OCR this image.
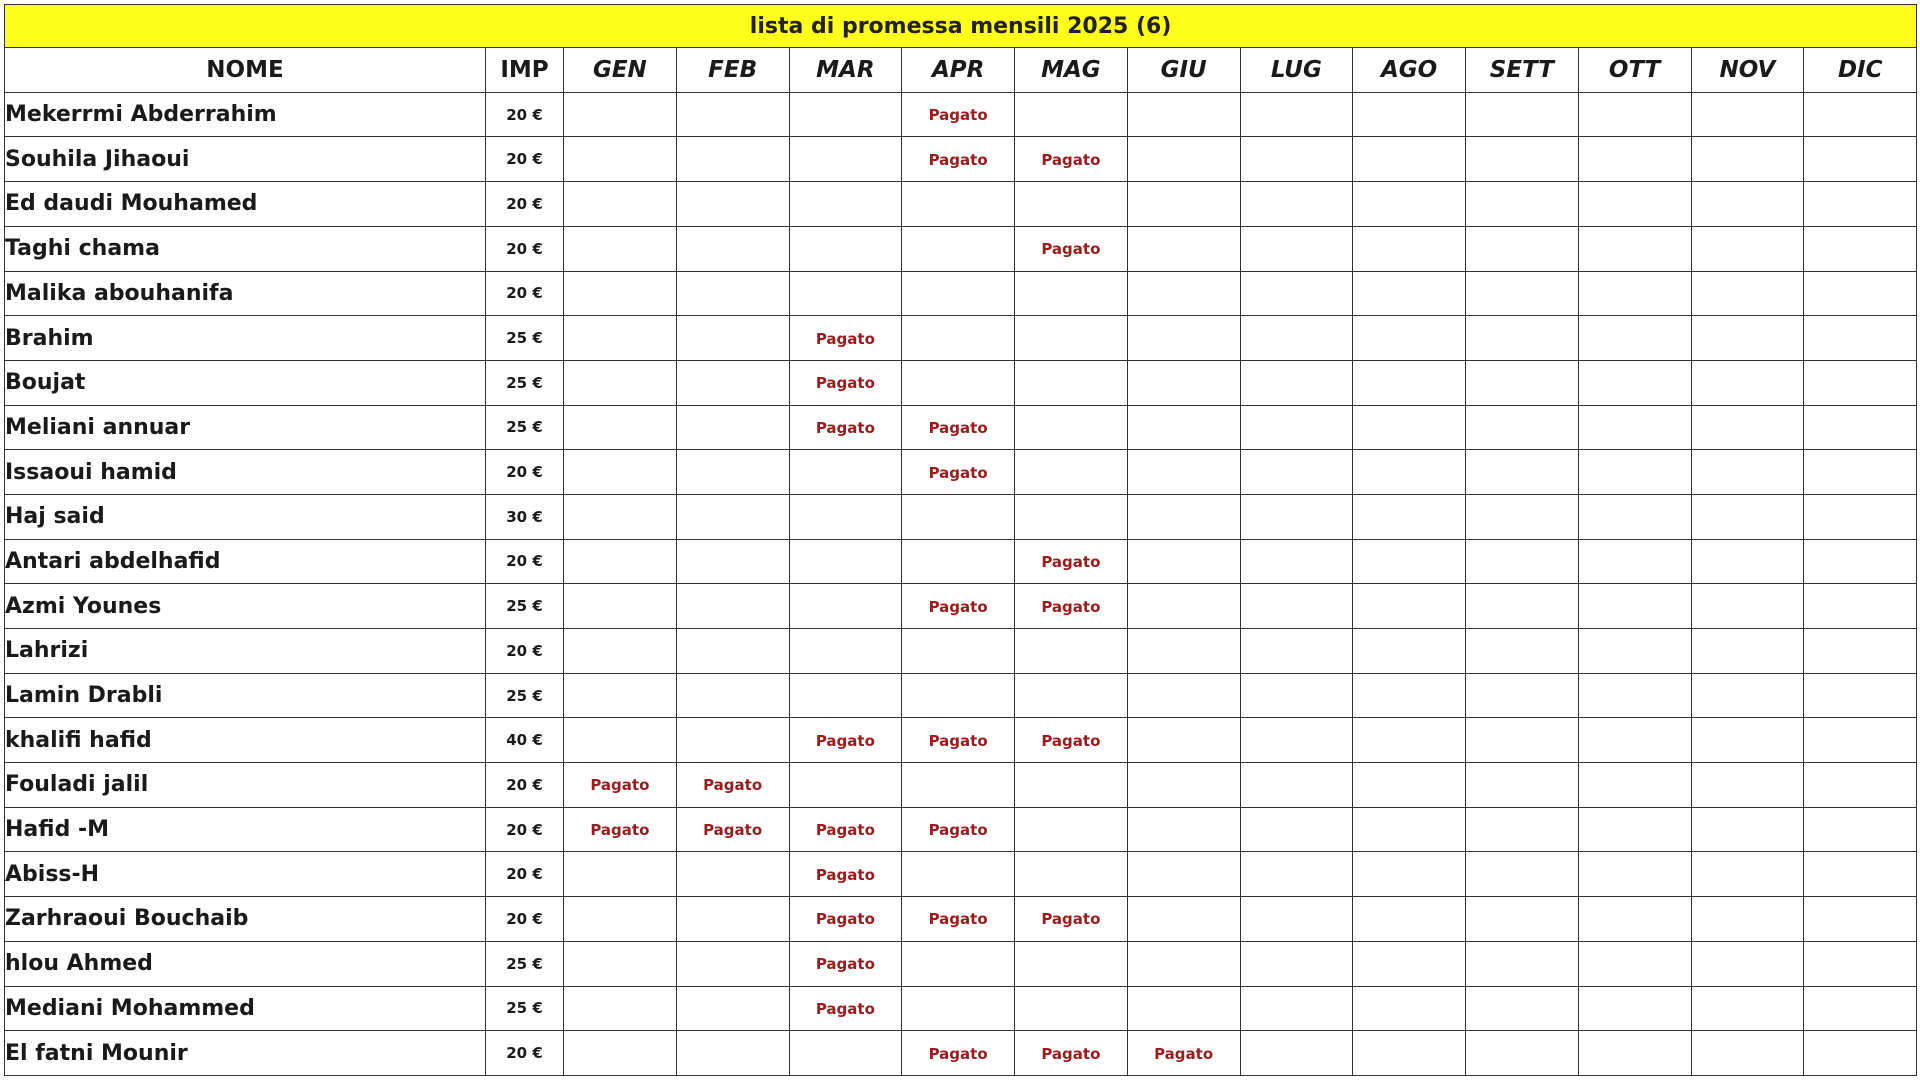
lista di promessa mensili 2025 (6)													
NOME	IMP	GEN	FEB	MAR	APR	MAG	GIU	LUG	AGO	SETT	OTT	NOV	DIC
Mekerrmi Abderrahim	20 €				Pagato								
Souhila Jihaoui	20 €				Pagato	Pagato							
Ed daudi Mouhamed	20 €												
Taghi chama	20 €					Pagato							
Malika abouhanifa	20 €												
Brahim	25 €			Pagato									
Boujat	25 €			Pagato									
Meliani annuar	25 €			Pagato	Pagato								
Issaoui hamid	20 €				Pagato								
Haj said	30 €												
Antari abdelhafid	20 €					Pagato							
Azmi Younes	25 €				Pagato	Pagato							
Lahrizi	20 €												
Lamin Drabli	25 €												
khalifi hafid	40 €			Pagato	Pagato	Pagato							
Fouladi jalil	20 €	Pagato	Pagato										
Hafid -M	20 €	Pagato	Pagato	Pagato	Pagato								
Abiss-H	20 €			Pagato									
Zarhraoui Bouchaib	20 €			Pagato	Pagato	Pagato							
hlou Ahmed	25 €			Pagato									
Mediani Mohammed	25 €			Pagato									
El fatni Mounir	20 €				Pagato	Pagato	Pagato						
